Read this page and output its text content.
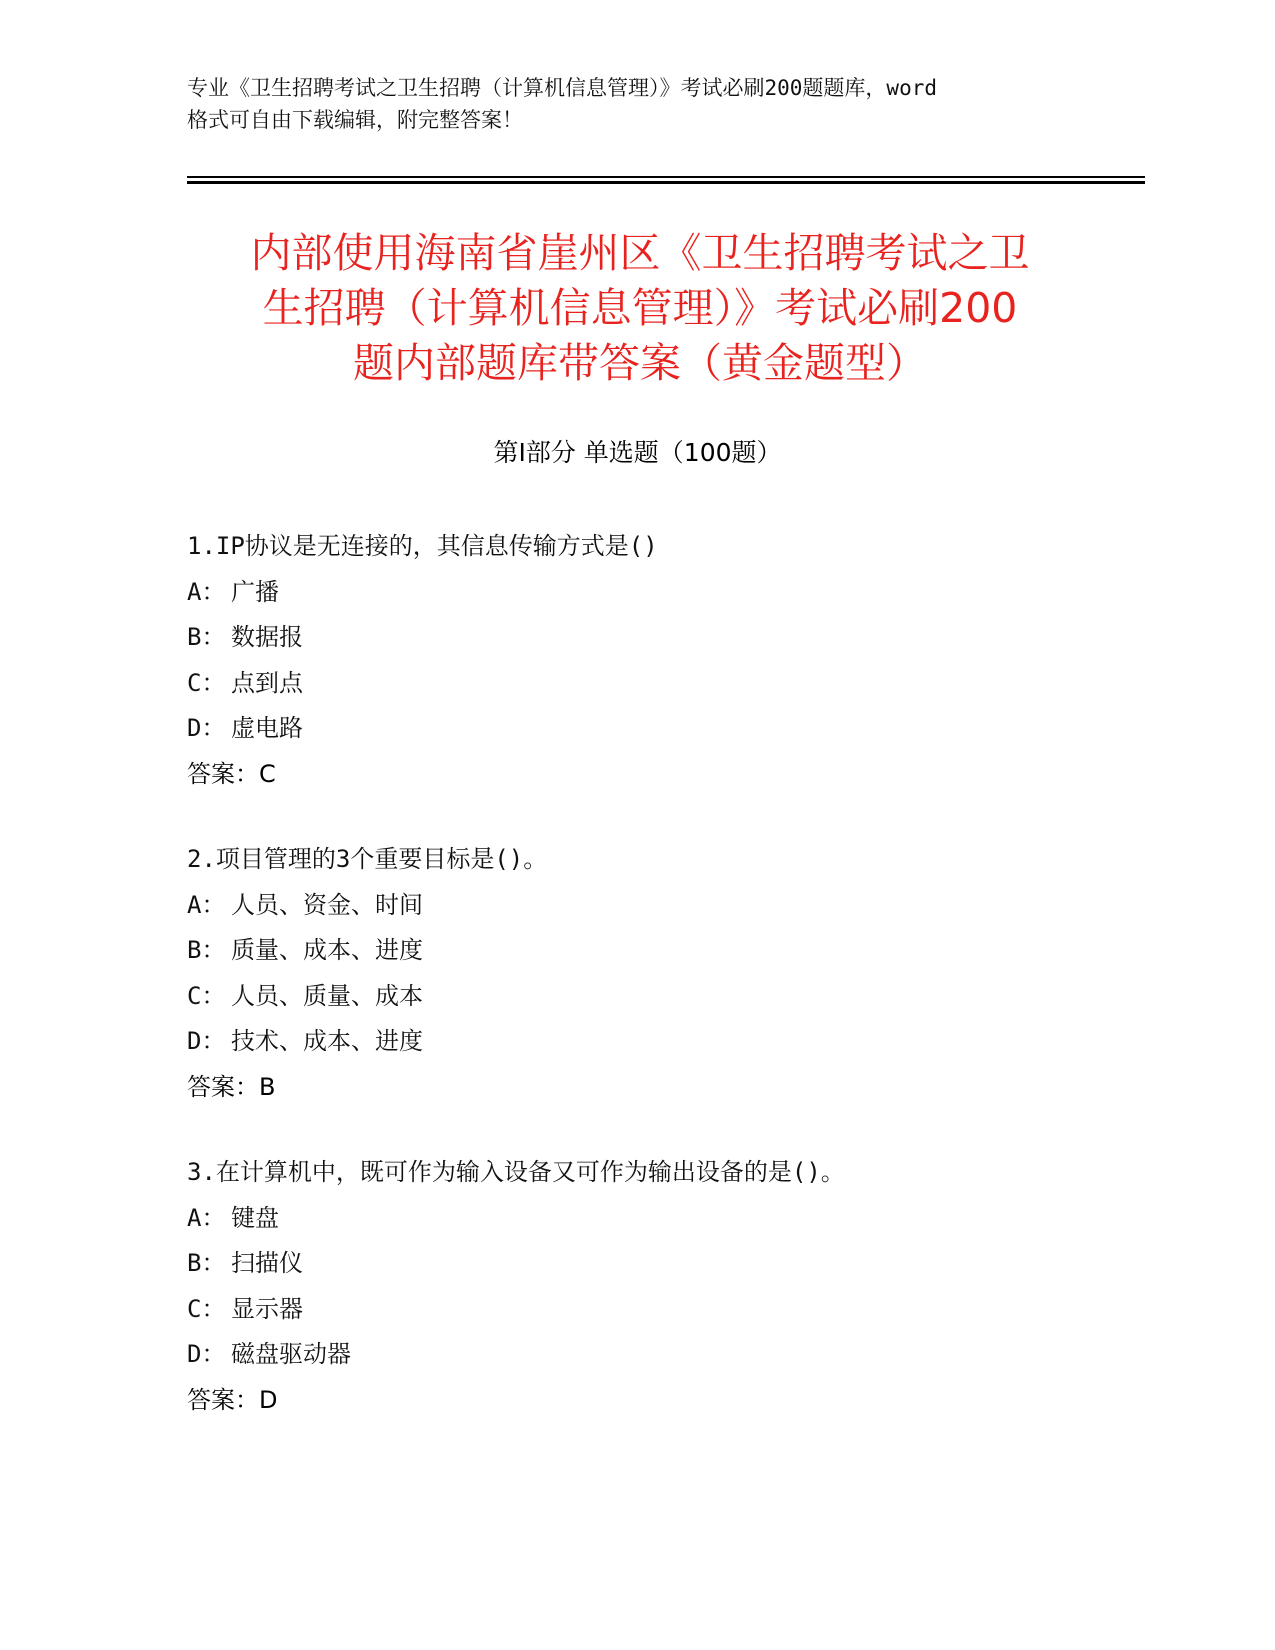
专业《卫生招聘考试之卫生招聘（计算机信息管理）》考试必刷200题题库，word
格式可自由下载编辑，附完整答案！
内部使用海南省崖州区《卫生招聘考试之卫
生招聘（计算机信息管理）》考试必刷200
题内部题库带答案（黄金题型）
第Ⅰ部分 单选题（100题）
1.IP协议是无连接的，其信息传输方式是()
A： 广播
B： 数据报
C： 点到点
D： 虚电路
答案：C
2.项目管理的3个重要目标是()。
A： 人员、资金、时间
B： 质量、成本、进度
C： 人员、质量、成本
D： 技术、成本、进度
答案：B
3.在计算机中，既可作为输入设备又可作为输出设备的是()。
A： 键盘
B： 扫描仪
C： 显示器
D： 磁盘驱动器
答案：D
